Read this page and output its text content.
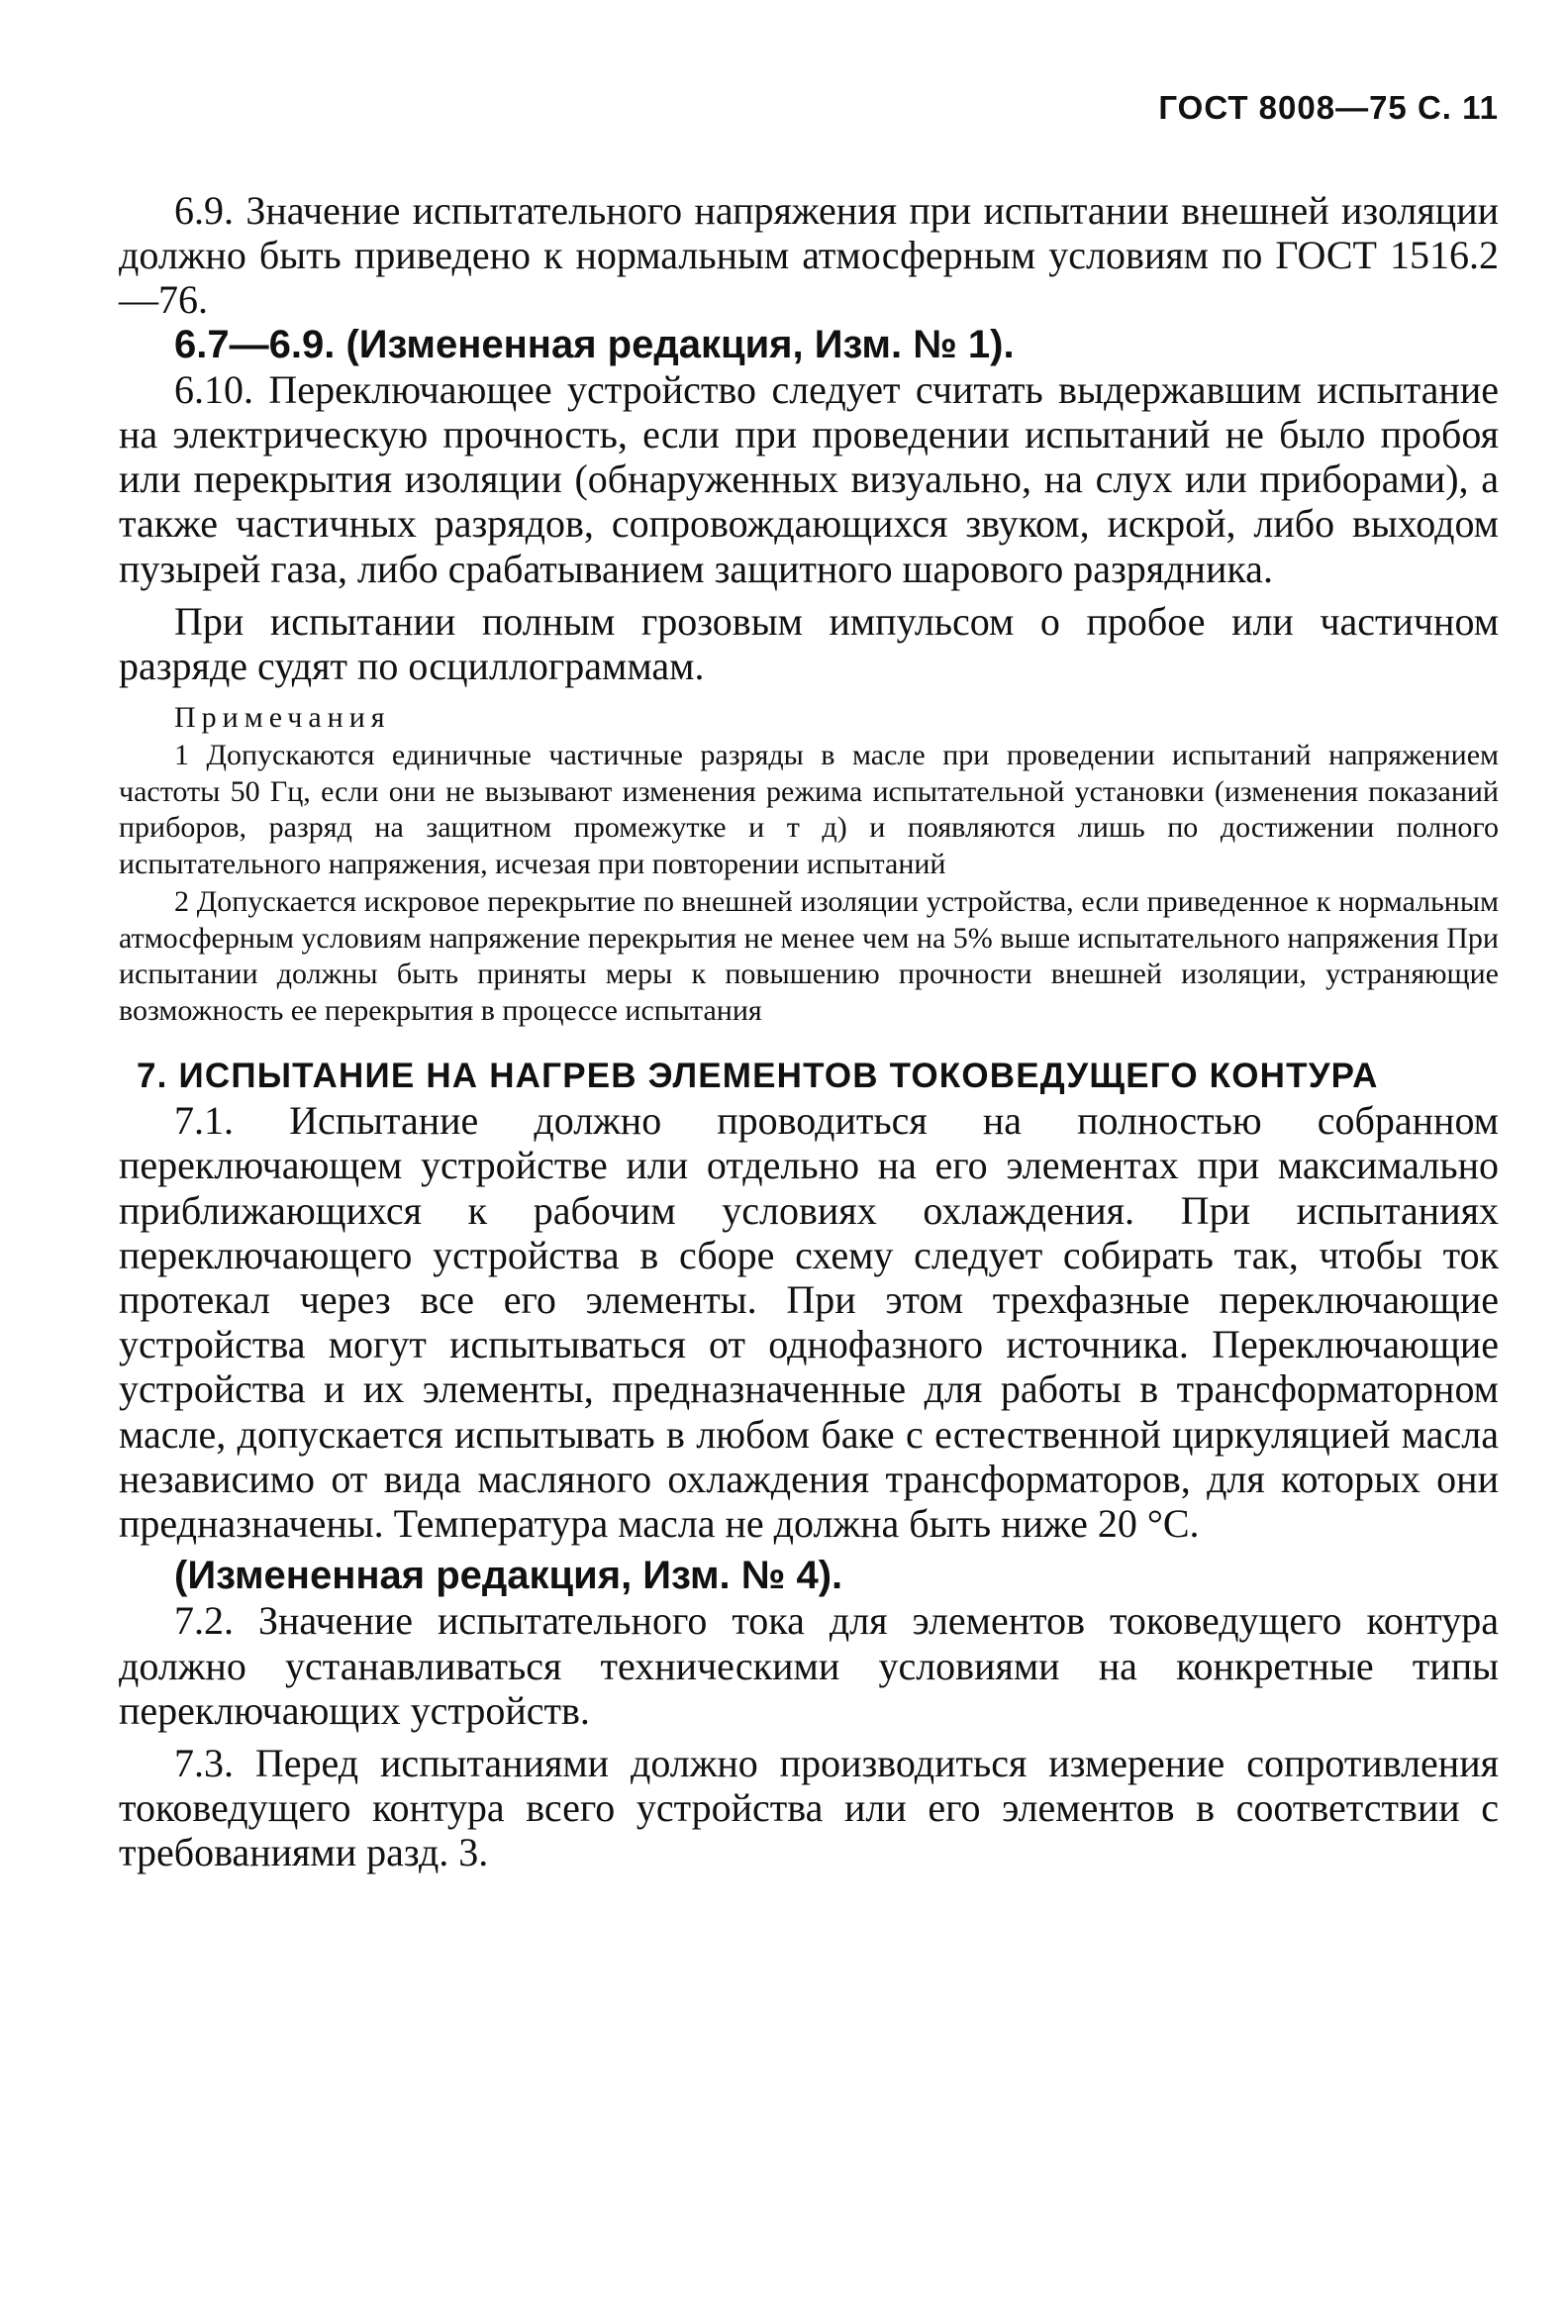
ГОСТ 8008—75 С. 11

6.9. Значение испытательного напряжения при испытании внешней изоляции должно быть приведено к нормальным атмосферным условиям по ГОСТ 1516.2—76.

6.7—6.9. (Измененная редакция, Изм. № 1).

6.10. Переключающее устройство следует считать выдержавшим испытание на электрическую прочность, если при проведении испытаний не было пробоя или перекрытия изоляции (обнаруженных визуально, на слух или приборами), а также частичных разрядов, сопровождающихся звуком, искрой, либо выходом пузырей газа, либо срабатыванием защитного шарового разрядника.

При испытании полным грозовым импульсом о пробое или частичном разряде судят по осциллограммам.

Примечания

1 Допускаются единичные частичные разряды в масле при проведении испытаний напряжением частоты 50 Гц, если они не вызывают изменения режима испытательной установки (изменения показаний приборов, разряд на защитном промежутке и т д) и появляются лишь по достижении полного испытательного напряжения, исчезая при повторении испытаний

2 Допускается искровое перекрытие по внешней изоляции устройства, если приведенное к нормальным атмосферным условиям напряжение перекрытия не менее чем на 5% выше испытательного напряжения При испытании должны быть приняты меры к повышению прочности внешней изоляции, устраняющие возможность ее перекрытия в процессе испытания

7. ИСПЫТАНИЕ НА НАГРЕВ ЭЛЕМЕНТОВ ТОКОВЕДУЩЕГО КОНТУРА

7.1. Испытание должно проводиться на полностью собранном переключающем устройстве или отдельно на его элементах при максимально приближающихся к рабочим условиях охлаждения. При испытаниях переключающего устройства в сборе схему следует собирать так, чтобы ток протекал через все его элементы. При этом трехфазные переключающие устройства могут испытываться от однофазного источника. Переключающие устройства и их элементы, предназначенные для работы в трансформаторном масле, допускается испытывать в любом баке с естественной циркуляцией масла независимо от вида масляного охлаждения трансформаторов, для которых они предназначены. Температура масла не должна быть ниже 20 °С.

(Измененная редакция, Изм. № 4).

7.2. Значение испытательного тока для элементов токоведущего контура должно устанавливаться техническими условиями на конкретные типы переключающих устройств.

7.3. Перед испытаниями должно производиться измерение сопротивления токоведущего контура всего устройства или его элементов в соответствии с требованиями разд. 3.
